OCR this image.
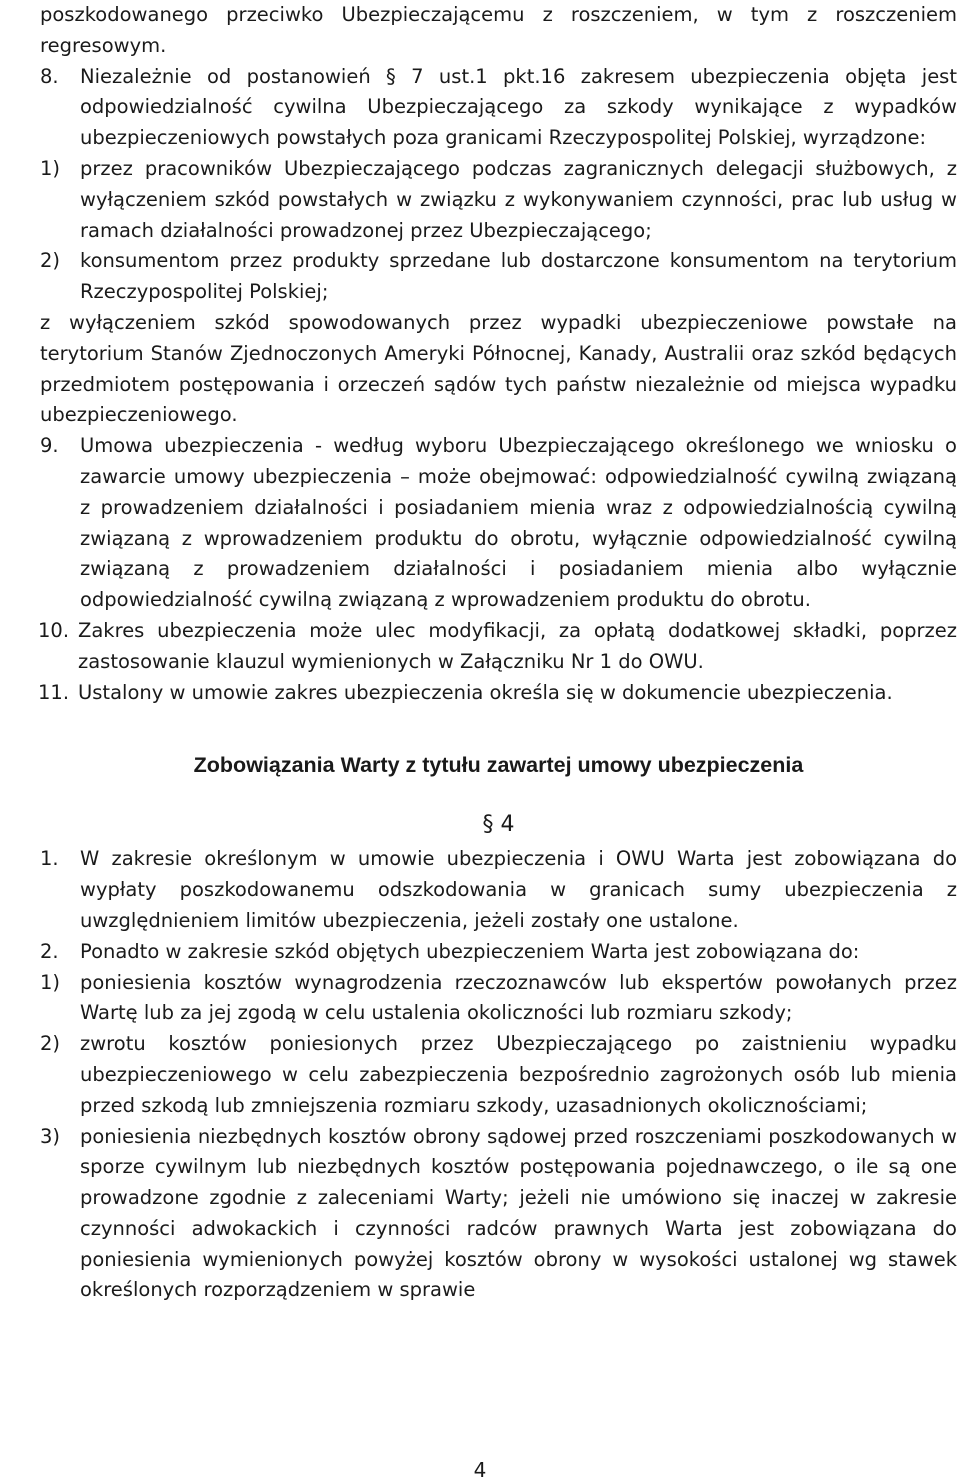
poszkodowanego przeciwko Ubezpieczającemu z roszczeniem, w tym z roszczeniem regresowym.

8.	Niezależnie od postanowień § 7 ust.1 pkt.16 zakresem ubezpieczenia objęta jest odpowiedzialność cywilna Ubezpieczającego za szkody wynikające z wypadków ubezpieczeniowych powstałych poza granicami Rzeczypospolitej Polskiej, wyrządzone:
1)	przez pracowników Ubezpieczającego podczas zagranicznych delegacji służbowych, z wyłączeniem szkód powstałych w związku z wykonywaniem czynności, prac lub usług w ramach działalności prowadzonej przez Ubezpieczającego;
2)	konsumentom przez produkty sprzedane lub dostarczone konsumentom na terytorium Rzeczypospolitej Polskiej;

z wyłączeniem szkód spowodowanych przez wypadki ubezpieczeniowe powstałe na terytorium Stanów Zjednoczonych Ameryki Północnej, Kanady, Australii oraz szkód będących przedmiotem postępowania i orzeczeń sądów tych państw niezależnie od miejsca wypadku ubezpieczeniowego.

9.	Umowa ubezpieczenia - według wyboru Ubezpieczającego określonego we wniosku o zawarcie umowy ubezpieczenia – może obejmować: odpowiedzialność cywilną związaną z prowadzeniem działalności i posiadaniem mienia wraz z odpowiedzialnością cywilną związaną z wprowadzeniem produktu do obrotu, wyłącznie odpowiedzialność cywilną związaną z prowadzeniem działalności i posiadaniem mienia albo wyłącznie odpowiedzialność cywilną związaną z wprowadzeniem produktu do obrotu.
10. Zakres ubezpieczenia może ulec modyfikacji, za opłatą dodatkowej składki, poprzez zastosowanie klauzul wymienionych w Załączniku Nr 1 do OWU.
11. Ustalony w umowie zakres ubezpieczenia określa się w dokumencie ubezpieczenia.
Zobowiązania Warty z tytułu zawartej umowy ubezpieczenia
§ 4
1.	W zakresie określonym w umowie ubezpieczenia i OWU Warta jest zobowiązana do wypłaty poszkodowanemu odszkodowania w granicach sumy ubezpieczenia z uwzględnieniem limitów ubezpieczenia, jeżeli zostały one ustalone.
2.	Ponadto w zakresie szkód objętych ubezpieczeniem Warta jest zobowiązana do:
1)	poniesienia kosztów wynagrodzenia rzeczoznawców lub ekspertów powołanych przez Wartę lub za jej zgodą w celu ustalenia okoliczności lub rozmiaru szkody;
2)	zwrotu kosztów poniesionych przez Ubezpieczającego po zaistnieniu wypadku ubezpieczeniowego w celu zabezpieczenia bezpośrednio zagrożonych osób lub mienia przed szkodą lub zmniejszenia rozmiaru szkody, uzasadnionych okolicznościami;
3)	poniesienia niezbędnych kosztów obrony sądowej przed roszczeniami poszkodowanych w sporze cywilnym lub niezbędnych kosztów postępowania pojednawczego, o ile są one prowadzone zgodnie z zaleceniami Warty; jeżeli nie umówiono się inaczej w zakresie czynności adwokackich i czynności radców prawnych Warta jest zobowiązana do poniesienia wymienionych powyżej kosztów obrony w wysokości ustalonej wg stawek określonych rozporządzeniem w sprawie
4
